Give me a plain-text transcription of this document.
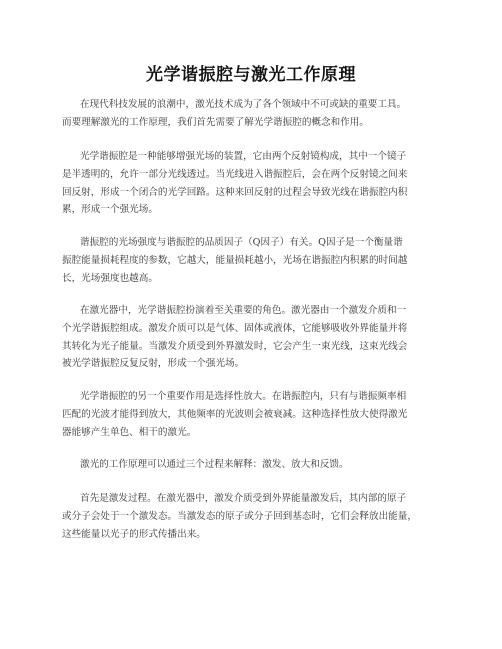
光学谐振腔与激光工作原理
在现代科技发展的浪潮中，激光技术成为了各个领域中不可或缺的重要工具。
而要理解激光的工作原理，我们首先需要了解光学谐振腔的概念和作用。
光学谐振腔是一种能够增强光场的装置，它由两个反射镜构成，其中一个镜子
是半透明的，允许一部分光线透过。当光线进入谐振腔后，会在两个反射镜之间来
回反射，形成一个闭合的光学回路。这种来回反射的过程会导致光线在谐振腔内积
累，形成一个强光场。
谐振腔的光场强度与谐振腔的品质因子（Q因子）有关。Q因子是一个衡量谐
振腔能量损耗程度的参数，它越大，能量损耗越小，光场在谐振腔内积累的时间越
长，光场强度也越高。
在激光器中，光学谐振腔扮演着至关重要的角色。激光器由一个激发介质和一
个光学谐振腔组成。激发介质可以是气体、固体或液体，它能够吸收外界能量并将
其转化为光子能量。当激发介质受到外界激发时，它会产生一束光线，这束光线会
被光学谐振腔反复反射，形成一个强光场。
光学谐振腔的另一个重要作用是选择性放大。在谐振腔内，只有与谐振频率相
匹配的光波才能得到放大，其他频率的光波则会被衰减。这种选择性放大使得激光
器能够产生单色、相干的激光。
激光的工作原理可以通过三个过程来解释：激发、放大和反馈。
首先是激发过程。在激光器中，激发介质受到外界能量激发后，其内部的原子
或分子会处于一个激发态。当激发态的原子或分子回到基态时，它们会释放出能量，
这些能量以光子的形式传播出来。
